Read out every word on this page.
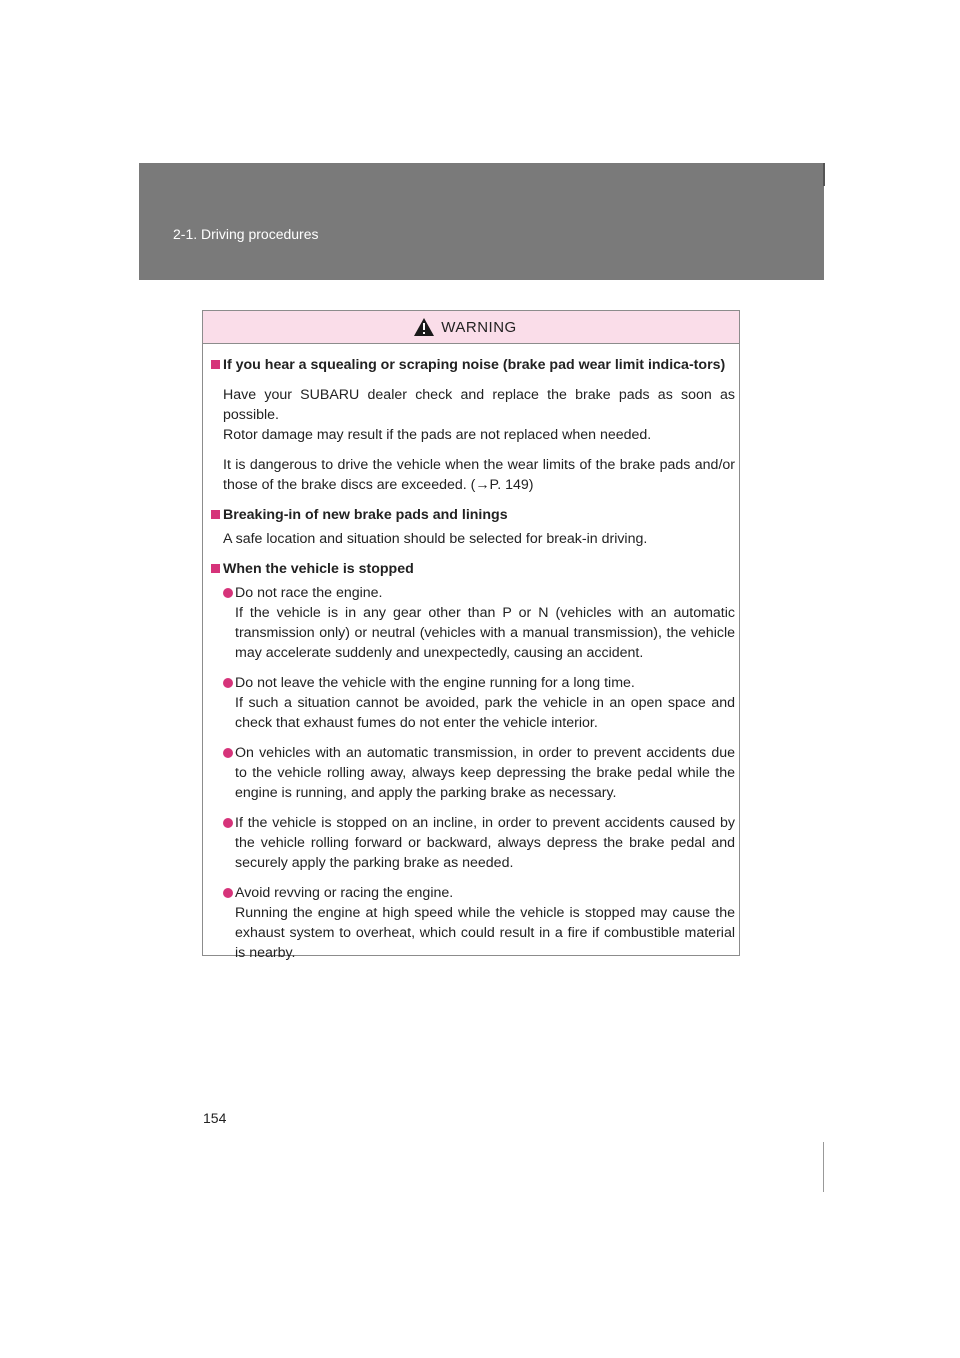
2-1. Driving procedures
WARNING
If you hear a squealing or scraping noise (brake pad wear limit indica-tors)
Have your SUBARU dealer check and replace the brake pads as soon as possible.
Rotor damage may result if the pads are not replaced when needed.
It is dangerous to drive the vehicle when the wear limits of the brake pads and/or those of the brake discs are exceeded. (→P. 149)
Breaking-in of new brake pads and linings
A safe location and situation should be selected for break-in driving.
When the vehicle is stopped
Do not race the engine.
If the vehicle is in any gear other than P or N (vehicles with an automatic transmission only) or neutral (vehicles with a manual transmission), the vehicle may accelerate suddenly and unexpectedly, causing an accident.
Do not leave the vehicle with the engine running for a long time.
If such a situation cannot be avoided, park the vehicle in an open space and check that exhaust fumes do not enter the vehicle interior.
On vehicles with an automatic transmission, in order to prevent accidents due to the vehicle rolling away, always keep depressing the brake pedal while the engine is running, and apply the parking brake as necessary.
If the vehicle is stopped on an incline, in order to prevent accidents caused by the vehicle rolling forward or backward, always depress the brake pedal and securely apply the parking brake as needed.
Avoid revving or racing the engine.
Running the engine at high speed while the vehicle is stopped may cause the exhaust system to overheat, which could result in a fire if combustible material is nearby.
154
